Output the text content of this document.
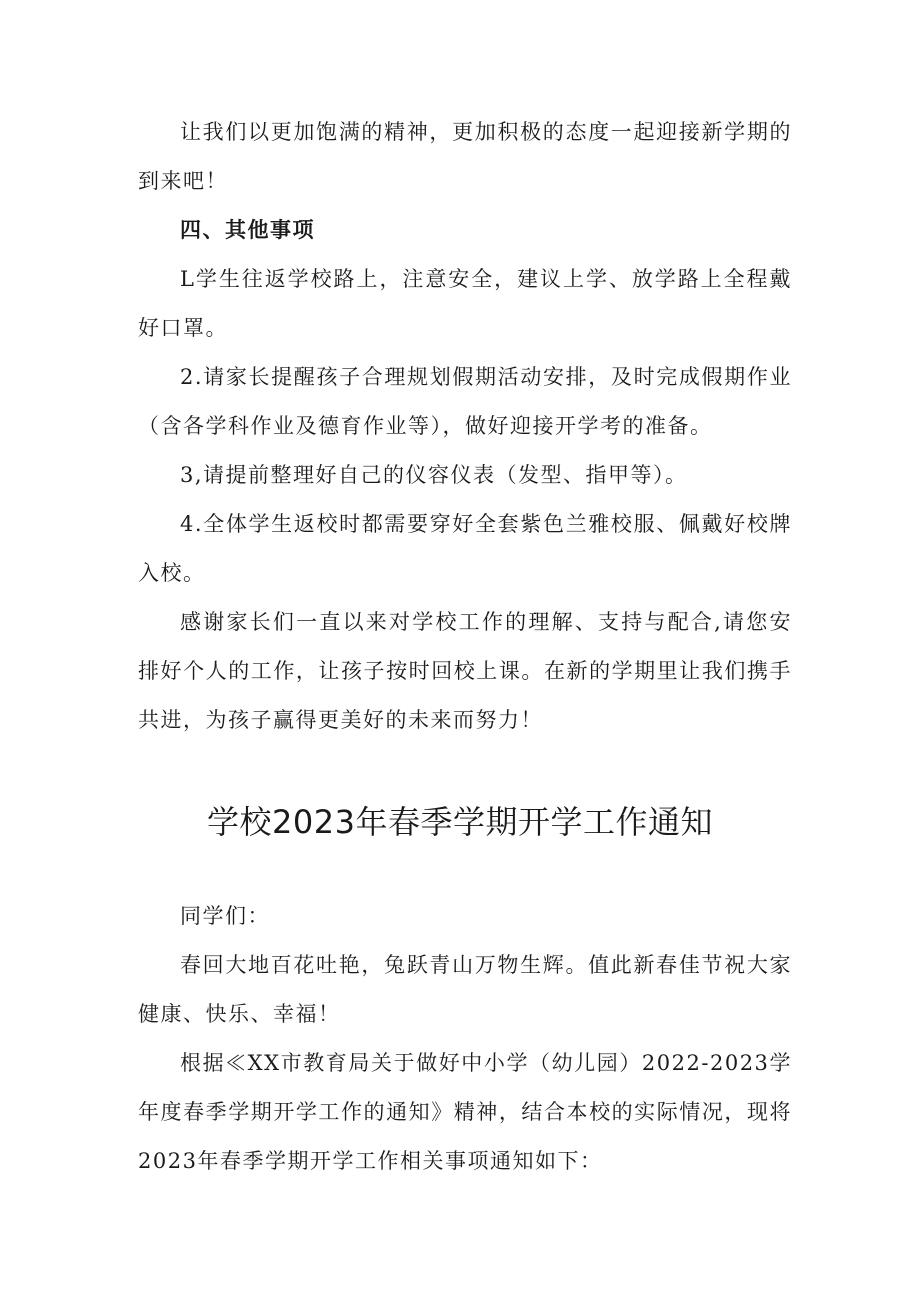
让我们以更加饱满的精神，更加积极的态度一起迎接新学期的到来吧！

四、其他事项

L学生往返学校路上，注意安全，建议上学、放学路上全程戴好口罩。

2.请家长提醒孩子合理规划假期活动安排，及时完成假期作业（含各学科作业及德育作业等），做好迎接开学考的准备。

3,请提前整理好自己的仪容仪表（发型、指甲等）。

4.全体学生返校时都需要穿好全套紫色兰雅校服、佩戴好校牌入校。

感谢家长们一直以来对学校工作的理解、支持与配合,请您安排好个人的工作，让孩子按时回校上课。在新的学期里让我们携手共进，为孩子赢得更美好的未来而努力！

学校2023年春季学期开学工作通知

同学们：

春回大地百花吐艳，兔跃青山万物生辉。值此新春佳节祝大家健康、快乐、幸福！

根据≪XX市教育局关于做好中小学（幼儿园）2022-2023学年度春季学期开学工作的通知》精神，结合本校的实际情况，现将2023年春季学期开学工作相关事项通知如下：
